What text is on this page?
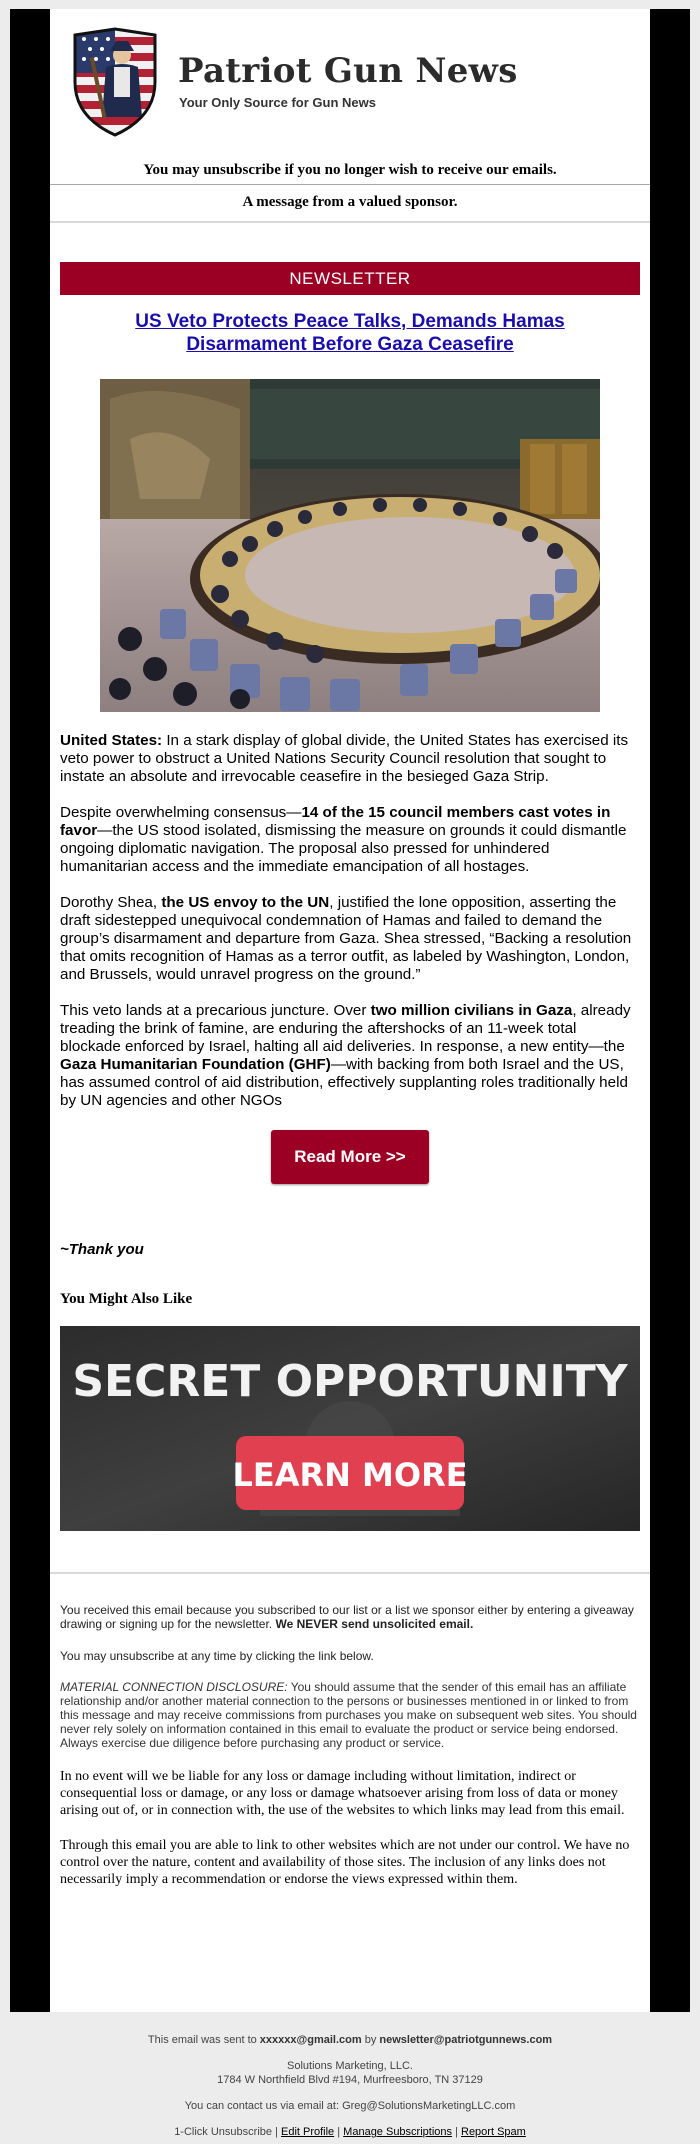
Patriot Gun News
Your Only Source for Gun News
You may unsubscribe if you no longer wish to receive our emails.
A message from a valued sponsor.
NEWSLETTER
US Veto Protects Peace Talks, Demands Hamas Disarmament Before Gaza Ceasefire

United States: In a stark display of global divide, the United States has exercised its veto power to obstruct a United Nations Security Council resolution that sought to instate an absolute and irrevocable ceasefire in the besieged Gaza Strip.

Despite overwhelming consensus—14 of the 15 council members cast votes in favor—the US stood isolated, dismissing the measure on grounds it could dismantle ongoing diplomatic navigation. The proposal also pressed for unhindered humanitarian access and the immediate emancipation of all hostages.

Dorothy Shea, the US envoy to the UN, justified the lone opposition, asserting the draft sidestepped unequivocal condemnation of Hamas and failed to demand the group’s disarmament and departure from Gaza. Shea stressed, “Backing a resolution that omits recognition of Hamas as a terror outfit, as labeled by Washington, London, and Brussels, would unravel progress on the ground.”

This veto lands at a precarious juncture. Over two million civilians in Gaza, already treading the brink of famine, are enduring the aftershocks of an 11-week total blockade enforced by Israel, halting all aid deliveries. In response, a new entity—the Gaza Humanitarian Foundation (GHF)—with backing from both Israel and the US, has assumed control of aid distribution, effectively supplanting roles traditionally held by UN agencies and other NGOs

Read More >>
~Thank you
You Might Also Like
SECRET OPPORTUNITY
LEARN MORE

You received this email because you subscribed to our list or a list we sponsor either by entering a giveaway drawing or signing up for the newsletter. We NEVER send unsolicited email.

You may unsubscribe at any time by clicking the link below.

MATERIAL CONNECTION DISCLOSURE: You should assume that the sender of this email has an affiliate relationship and/or another material connection to the persons or businesses mentioned in or linked to from this message and may receive commissions from purchases you make on subsequent web sites. You should never rely solely on information contained in this email to evaluate the product or service being endorsed. Always exercise due diligence before purchasing any product or service.

In no event will we be liable for any loss or damage including without limitation, indirect or consequential loss or damage, or any loss or damage whatsoever arising from loss of data or money arising out of, or in connection with, the use of the websites to which links may lead from this email.

Through this email you are able to link to other websites which are not under our control. We have no control over the nature, content and availability of those sites. The inclusion of any links does not necessarily imply a recommendation or endorse the views expressed within them.

This email was sent to xxxxxx@gmail.com by newsletter@patriotgunnews.com
Solutions Marketing, LLC.
1784 W Northfield Blvd #194, Murfreesboro, TN 37129
You can contact us via email at: Greg@SolutionsMarketingLLC.com
1-Click Unsubscribe | Edit Profile | Manage Subscriptions | Report Spam
